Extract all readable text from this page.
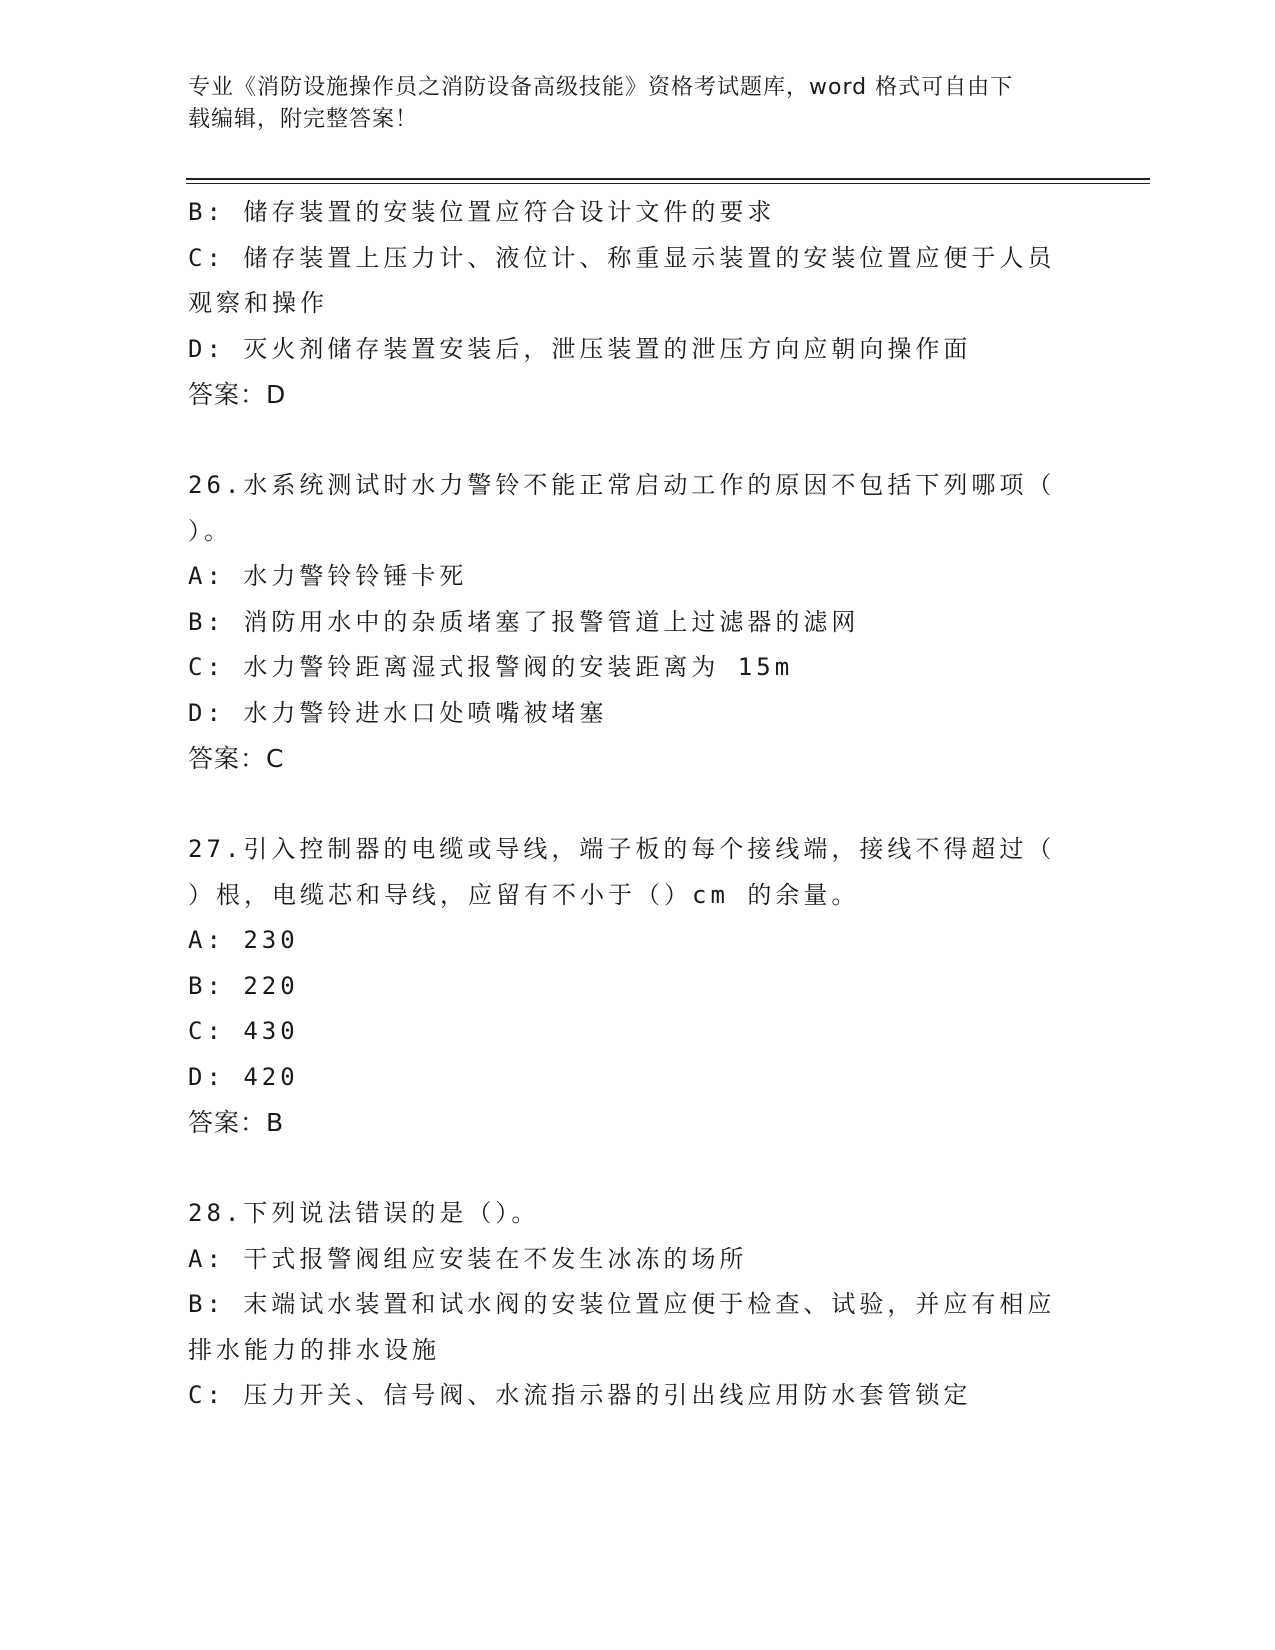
专业《消防设施操作员之消防设备高级技能》资格考试题库，word 格式可自由下
载编辑，附完整答案！
B: 储存装置的安装位置应符合设计文件的要求
C: 储存装置上压力计、液位计、称重显示装置的安装位置应便于人员
观察和操作
D: 灭火剂储存装置安装后，泄压装置的泄压方向应朝向操作面
答案：D
26.水系统测试时水力警铃不能正常启动工作的原因不包括下列哪项（
）。
A: 水力警铃铃锤卡死
B: 消防用水中的杂质堵塞了报警管道上过滤器的滤网
C: 水力警铃距离湿式报警阀的安装距离为 15m
D: 水力警铃进水口处喷嘴被堵塞
答案：C
27.引入控制器的电缆或导线，端子板的每个接线端，接线不得超过（
）根，电缆芯和导线，应留有不小于（）cm 的余量。
A: 230
B: 220
C: 430
D: 420
答案：B
28.下列说法错误的是（）。
A: 干式报警阀组应安装在不发生冰冻的场所
B: 末端试水装置和试水阀的安装位置应便于检查、试验，并应有相应
排水能力的排水设施
C: 压力开关、信号阀、水流指示器的引出线应用防水套管锁定
